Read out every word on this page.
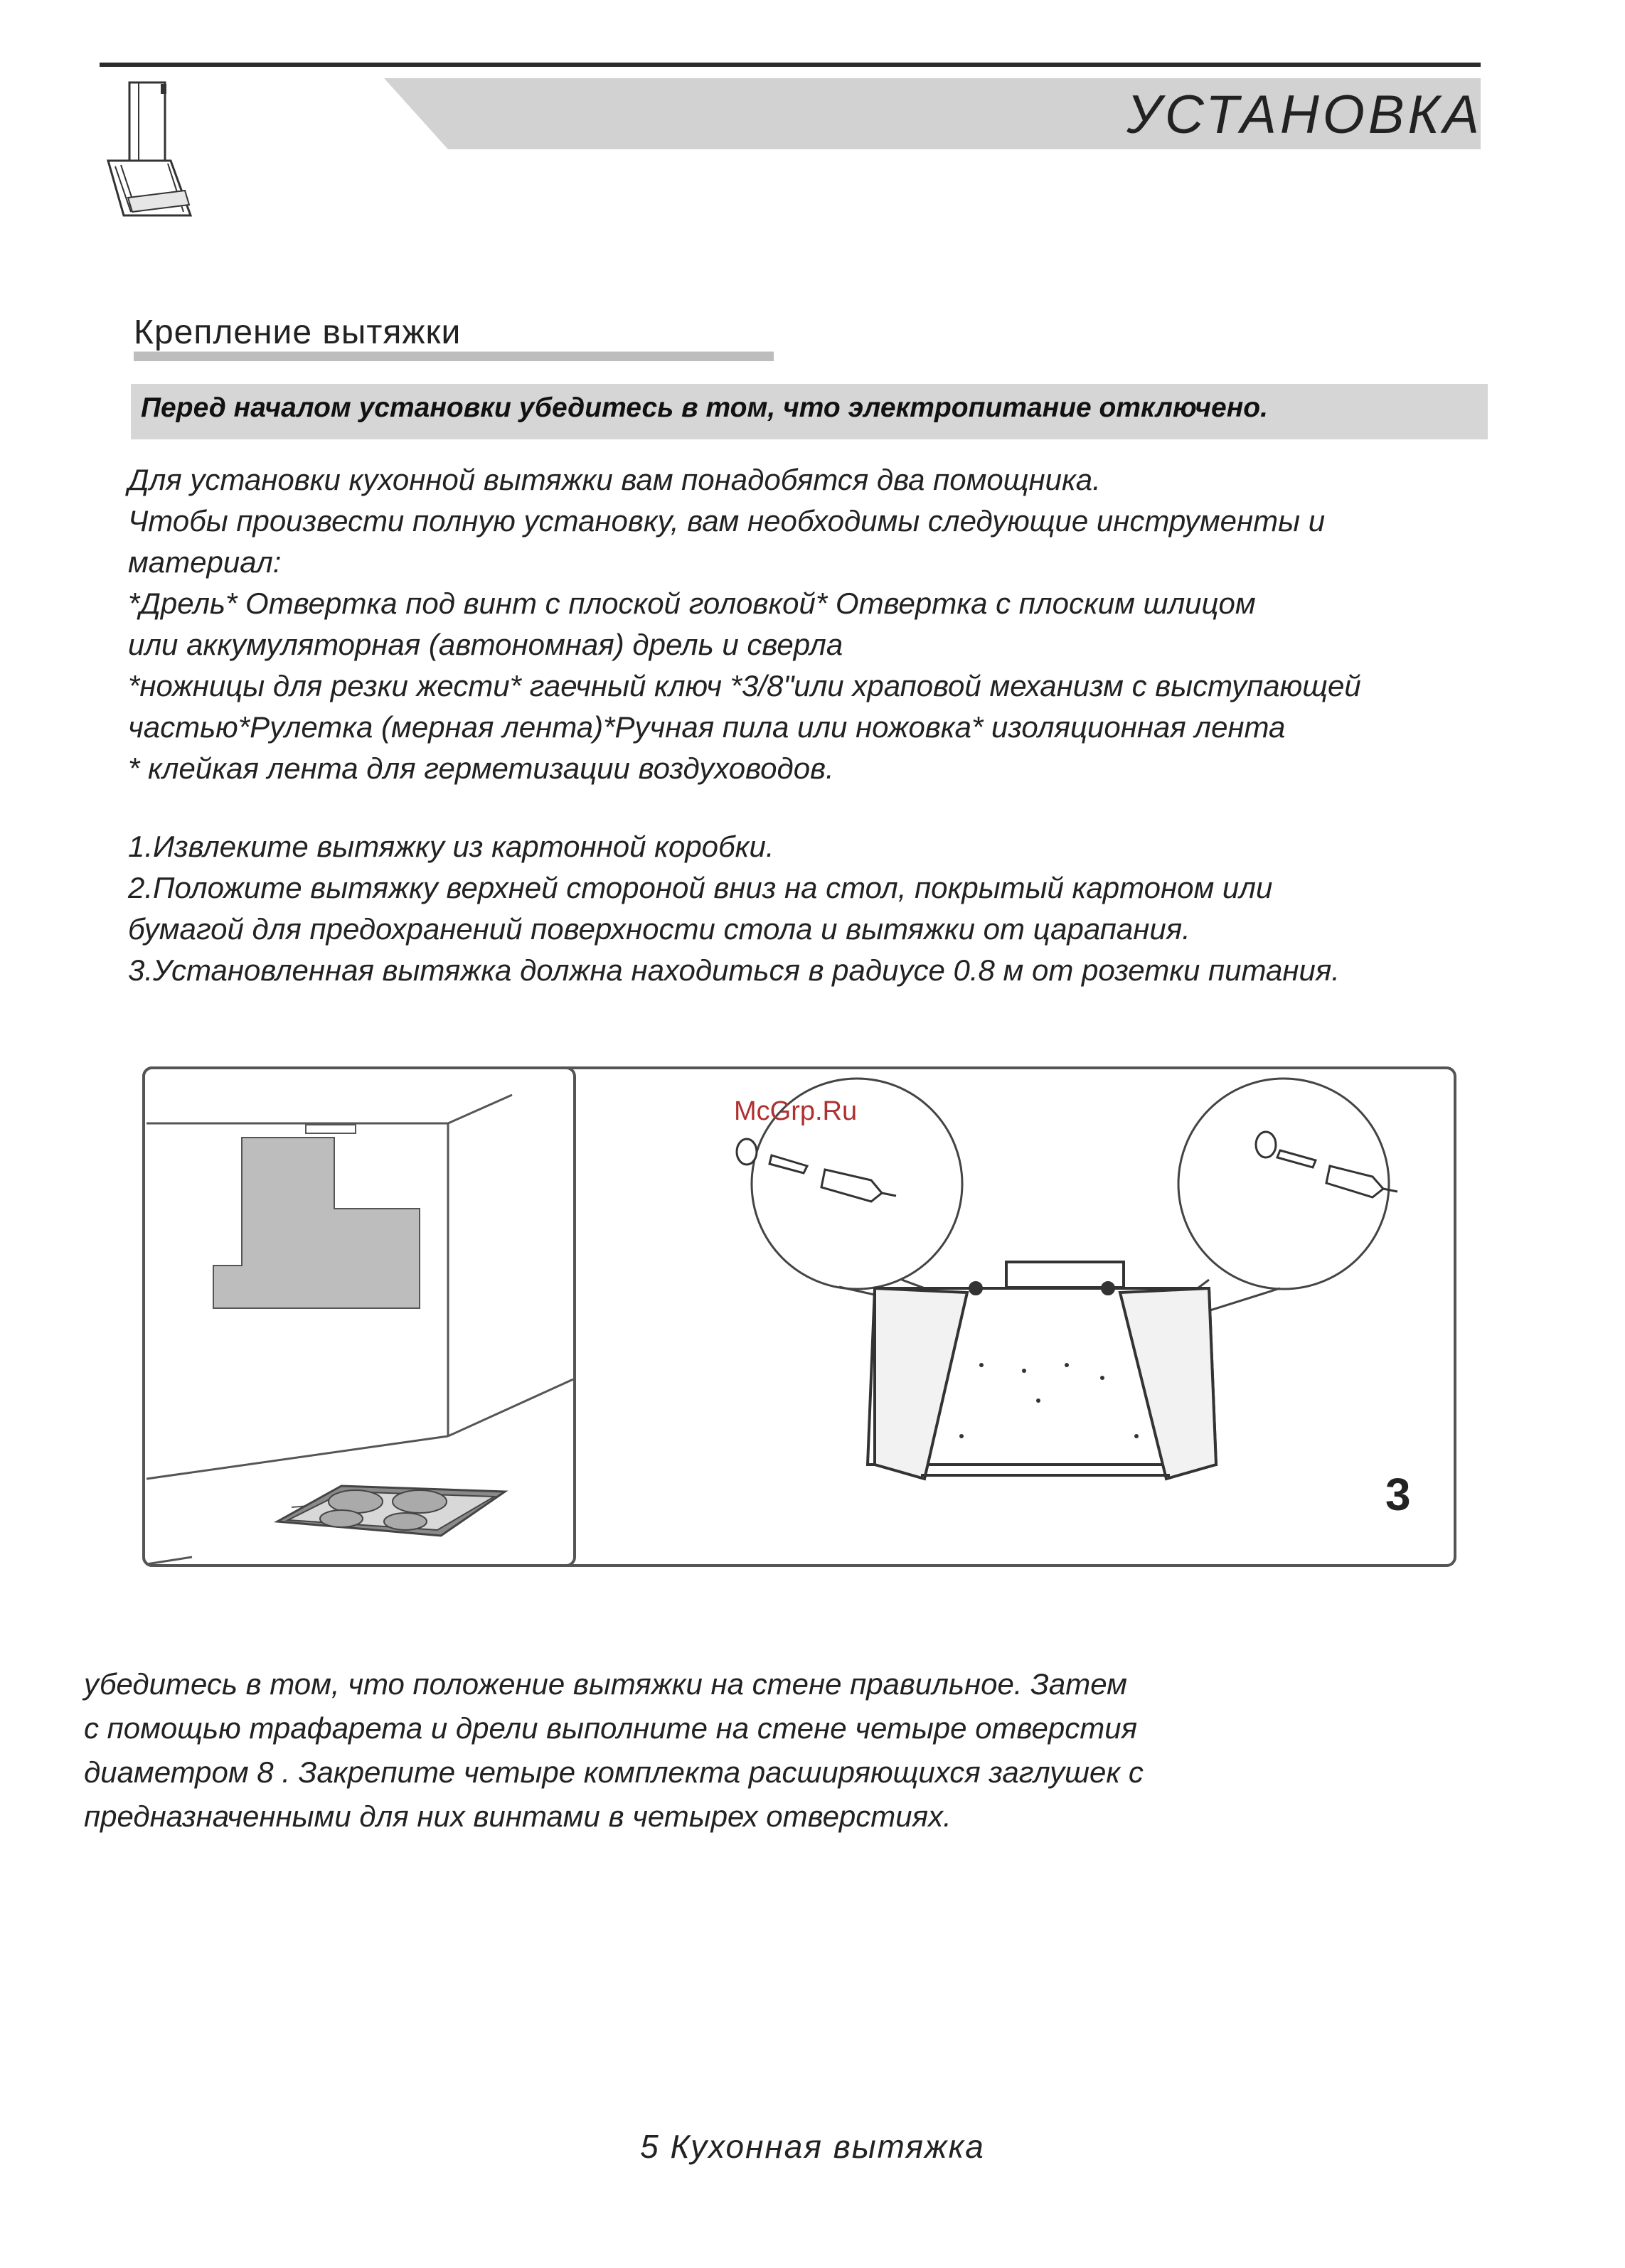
УСТАНОВКА
Крепление вытяжки
Перед началом установки убедитесь в том, что электропитание отключено.
Для установки кухонной вытяжки вам понадобятся два помощника.
Чтобы произвести полную установку, вам необходимы следующие инструменты и
материал:
*Дрель* Отвертка под винт с плоской головкой* Отвертка с плоским шлицом
или аккумуляторная (автономная) дрель и сверла
*ножницы для резки жести* гаечный ключ *3/8"или храповой механизм с выступающей
частью*Рулетка (мерная лента)*Ручная пила или ножовка* изоляционная лента
* клейкая лента для герметизации воздуховодов.
1.Извлеките вытяжку из картонной коробки.
2.Положите вытяжку верхней стороной вниз на стол, покрытый картоном или
бумагой для предохранений поверхности стола и вытяжки от царапания.
3.Установленная вытяжка должна находиться в радиусе 0.8 м от розетки питания.
McGrp.Ru
3
убедитесь в том, что положение вытяжки на стене правильное. Затем
с помощью трафарета и дрели выполните на стене четыре отверстия
диаметром 8 . Закрепите четыре комплекта расширяющихся заглушек с
предназначенными для них винтами в четырех отверстиях.
5 Кухонная вытяжка
